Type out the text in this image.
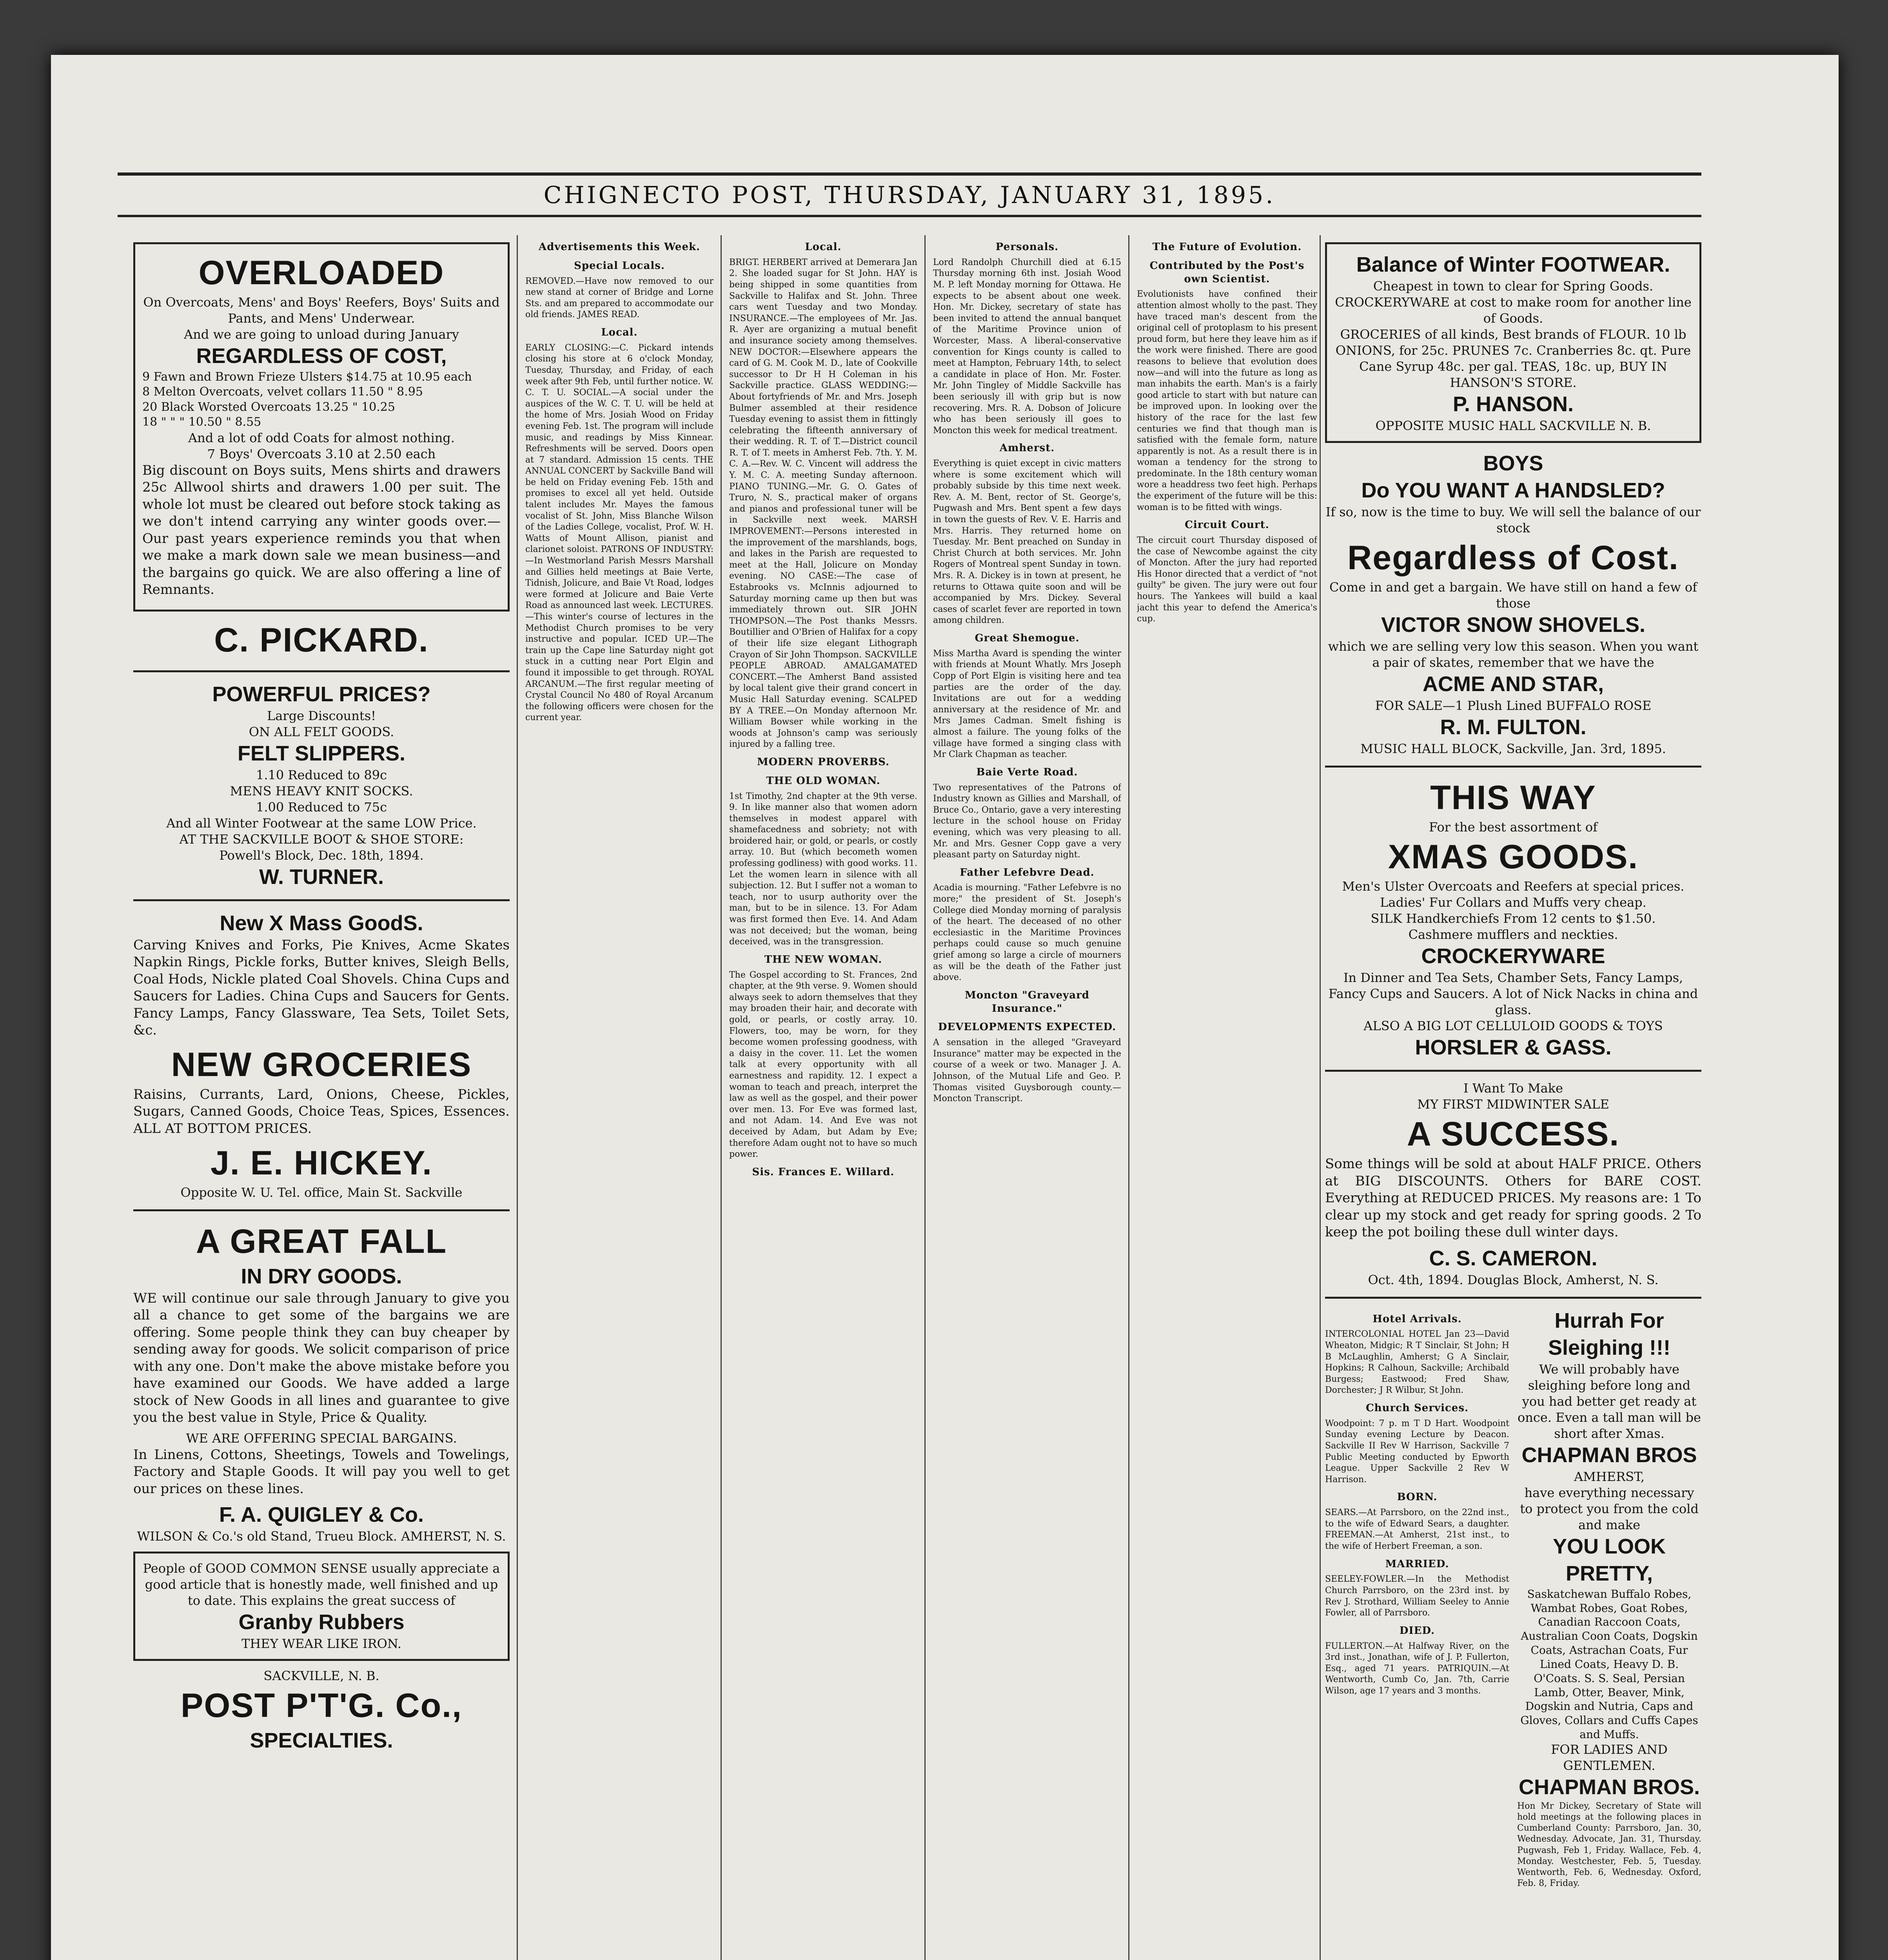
CHIGNECTO POST, THURSDAY, JANUARY 31, 1895.
OVERLOADED
On Overcoats, Mens' and Boys' Reefers, Boys' Suits and Pants, and Mens' Underwear.
And we are going to unload during January
REGARDLESS OF COST,
9 Fawn and Brown Frieze Ulsters $14.75 at 10.95 each
8 Melton Overcoats, velvet collars 11.50 " 8.95
20 Black Worsted Overcoats 13.25 " 10.25
18 " " " 10.50 " 8.55
And a lot of odd Coats for almost nothing.
7 Boys' Overcoats 3.10 at 2.50 each

Big discount on Boys suits, Mens shirts and drawers 25c Allwool shirts and drawers 1.00 per suit. The whole lot must be cleared out before stock taking as we don't intend carrying any winter goods over.—Our past years experience reminds you that when we make a mark down sale we mean business—and the bargains go quick. We are also offering a line of Remnants.

C. PICKARD.
POWERFUL PRICES?
Large Discounts!
ON ALL FELT GOODS.
FELT SLIPPERS.
1.10 Reduced to 89c
MENS HEAVY KNIT SOCKS.
1.00 Reduced to 75c
And all Winter Footwear at the same LOW Price.
AT THE SACKVILLE BOOT & SHOE STORE:
Powell's Block, Dec. 18th, 1894.
W. TURNER.
New X Mass GoodS.

Carving Knives and Forks, Pie Knives, Acme Skates Napkin Rings, Pickle forks, Butter knives, Sleigh Bells, Coal Hods, Nickle plated Coal Shovels. China Cups and Saucers for Ladies. China Cups and Saucers for Gents. Fancy Lamps, Fancy Glassware, Tea Sets, Toilet Sets, &c.

NEW GROCERIES

Raisins, Currants, Lard, Onions, Cheese, Pickles, Sugars, Canned Goods, Choice Teas, Spices, Essences. ALL AT BOTTOM PRICES.

J. E. HICKEY.
Opposite W. U. Tel. office, Main St. Sackville
A GREAT FALL
IN DRY GOODS.

WE will continue our sale through January to give you all a chance to get some of the bargains we are offering. Some people think they can buy cheaper by sending away for goods. We solicit comparison of price with any one. Don't make the above mistake before you have examined our Goods. We have added a large stock of New Goods in all lines and guarantee to give you the best value in Style, Price & Quality.

WE ARE OFFERING SPECIAL BARGAINS.

In Linens, Cottons, Sheetings, Towels and Towelings, Factory and Staple Goods. It will pay you well to get our prices on these lines.

F. A. QUIGLEY & Co.
WILSON & Co.'s old Stand, Trueu Block. AMHERST, N. S.
People of GOOD COMMON SENSE usually appreciate a good article that is honestly made, well finished and up to date. This explains the great success of
Granby Rubbers
THEY WEAR LIKE IRON.
SACKVILLE, N. B.
POST P'T'G. Co.,
SPECIALTIES.
Advertisements this Week.
Special Locals.

REMOVED.—Have now removed to our new stand at corner of Bridge and Lorne Sts. and am prepared to accommodate our old friends. JAMES READ.

Local.

EARLY CLOSING:—C. Pickard intends closing his store at 6 o'clock Monday, Tuesday, Thursday, and Friday, of each week after 9th Feb, until further notice. W. C. T. U. SOCIAL.—A social under the auspices of the W. C. T. U. will be held at the home of Mrs. Josiah Wood on Friday evening Feb. 1st. The program will include music, and readings by Miss Kinnear. Refreshments will be served. Doors open at 7 standard. Admission 15 cents. THE ANNUAL CONCERT by Sackville Band will be held on Friday evening Feb. 15th and promises to excel all yet held. Outside talent includes Mr. Mayes the famous vocalist of St. John, Miss Blanche Wilson of the Ladies College, vocalist, Prof. W. H. Watts of Mount Allison, pianist and clarionet soloist. PATRONS OF INDUSTRY:—In Westmorland Parish Messrs Marshall and Gillies held meetings at Baie Verte, Tidnish, Jolicure, and Baie Vt Road, lodges were formed at Jolicure and Baie Verte Road as announced last week. LECTURES.—This winter's course of lectures in the Methodist Church promises to be very instructive and popular. ICED UP.—The train up the Cape line Saturday night got stuck in a cutting near Port Elgin and found it impossible to get through. ROYAL ARCANUM.—The first regular meeting of Crystal Council No 480 of Royal Arcanum the following officers were chosen for the current year.

Local.

BRIGT. HERBERT arrived at Demerara Jan 2. She loaded sugar for St John. HAY is being shipped in some quantities from Sackville to Halifax and St. John. Three cars went Tuesday and two Monday. INSURANCE.—The employees of Mr. Jas. R. Ayer are organizing a mutual benefit and insurance society among themselves. NEW DOCTOR:—Elsewhere appears the card of G. M. Cook M. D., late of Cookville successor to Dr H H Coleman in his Sackville practice. GLASS WEDDING:—About fortyfriends of Mr. and Mrs. Joseph Bulmer assembled at their residence Tuesday evening to assist them in fittingly celebrating the fifteenth anniversary of their wedding. R. T. of T.—District council R. T. of T. meets in Amherst Feb. 7th. Y. M. C. A.—Rev. W. C. Vincent will address the Y. M. C. A. meeting Sunday afternoon. PIANO TUNING.—Mr. G. O. Gates of Truro, N. S., practical maker of organs and pianos and professional tuner will be in Sackville next week. MARSH IMPROVEMENT:—Persons interested in the improvement of the marshlands, bogs, and lakes in the Parish are requested to meet at the Hall, Jolicure on Monday evening. NO CASE:—The case of Estabrooks vs. McInnis adjourned to Saturday morning came up then but was immediately thrown out. SIR JOHN THOMPSON.—The Post thanks Messrs. Boutillier and O'Brien of Halifax for a copy of their life size elegant Lithograph Crayon of Sir John Thompson. SACKVILLE PEOPLE ABROAD. AMALGAMATED CONCERT.—The Amherst Band assisted by local talent give their grand concert in Music Hall Saturday evening. SCALPED BY A TREE.—On Monday afternoon Mr. William Bowser while working in the woods at Johnson's camp was seriously injured by a falling tree.

MODERN PROVERBS.
THE OLD WOMAN.

1st Timothy, 2nd chapter at the 9th verse. 9. In like manner also that women adorn themselves in modest apparel with shamefacedness and sobriety; not with broidered hair, or gold, or pearls, or costly array. 10. But (which becometh women professing godliness) with good works. 11. Let the women learn in silence with all subjection. 12. But I suffer not a woman to teach, nor to usurp authority over the man, but to be in silence. 13. For Adam was first formed then Eve. 14. And Adam was not deceived; but the woman, being deceived, was in the transgression.

THE NEW WOMAN.

The Gospel according to St. Frances, 2nd chapter, at the 9th verse. 9. Women should always seek to adorn themselves that they may broaden their hair, and decorate with gold, or pearls, or costly array. 10. Flowers, too, may be worn, for they become women professing goodness, with a daisy in the cover. 11. Let the women talk at every opportunity with all earnestness and rapidity. 12. I expect a woman to teach and preach, interpret the law as well as the gospel, and their power over men. 13. For Eve was formed last, and not Adam. 14. And Eve was not deceived by Adam, but Adam by Eve; therefore Adam ought not to have so much power.

Sis. Frances E. Willard.
Personals.

Lord Randolph Churchill died at 6.15 Thursday morning 6th inst. Josiah Wood M. P. left Monday morning for Ottawa. He expects to be absent about one week. Hon. Mr. Dickey, secretary of state has been invited to attend the annual banquet of the Maritime Province union of Worcester, Mass. A liberal-conservative convention for Kings county is called to meet at Hampton, February 14th, to select a candidate in place of Hon. Mr. Foster. Mr. John Tingley of Middle Sackville has been seriously ill with grip but is now recovering. Mrs. R. A. Dobson of Jolicure who has been seriously ill goes to Moncton this week for medical treatment.

Amherst.

Everything is quiet except in civic matters where is some excitement which will probably subside by this time next week. Rev. A. M. Bent, rector of St. George's, Pugwash and Mrs. Bent spent a few days in town the guests of Rev. V. E. Harris and Mrs. Harris. They returned home on Tuesday. Mr. Bent preached on Sunday in Christ Church at both services. Mr. John Rogers of Montreal spent Sunday in town. Mrs. R. A. Dickey is in town at present, he returns to Ottawa quite soon and will be accompanied by Mrs. Dickey. Several cases of scarlet fever are reported in town among children.

Great Shemogue.

Miss Martha Avard is spending the winter with friends at Mount Whatly. Mrs Joseph Copp of Port Elgin is visiting here and tea parties are the order of the day. Invitations are out for a wedding anniversary at the residence of Mr. and Mrs James Cadman. Smelt fishing is almost a failure. The young folks of the village have formed a singing class with Mr Clark Chapman as teacher.

Baie Verte Road.

Two representatives of the Patrons of Industry known as Gillies and Marshall, of Bruce Co., Ontario, gave a very interesting lecture in the school house on Friday evening, which was very pleasing to all. Mr. and Mrs. Gesner Copp gave a very pleasant party on Saturday night.

Father Lefebvre Dead.

Acadia is mourning. "Father Lefebvre is no more;" the president of St. Joseph's College died Monday morning of paralysis of the heart. The deceased of no other ecclesiastic in the Maritime Provinces perhaps could cause so much genuine grief among so large a circle of mourners as will be the death of the Father just above.

Moncton "Graveyard Insurance."
DEVELOPMENTS EXPECTED.

A sensation in the alleged "Graveyard Insurance" matter may be expected in the course of a week or two. Manager J. A. Johnson, of the Mutual Life and Geo. P. Thomas visited Guysborough county.—Moncton Transcript.

The Future of Evolution.
Contributed by the Post's own Scientist.

Evolutionists have confined their attention almost wholly to the past. They have traced man's descent from the original cell of protoplasm to his present proud form, but here they leave him as if the work were finished. There are good reasons to believe that evolution does now—and will into the future as long as man inhabits the earth. Man's is a fairly good article to start with but nature can be improved upon. In looking over the history of the race for the last few centuries we find that though man is satisfied with the female form, nature apparently is not. As a result there is in woman a tendency for the strong to predominate. In the 18th century woman wore a headdress two feet high. Perhaps the experiment of the future will be this: woman is to be fitted with wings.

Circuit Court.

The circuit court Thursday disposed of the case of Newcombe against the city of Moncton. After the jury had reported His Honor directed that a verdict of "not guilty" be given. The jury were out four hours. The Yankees will build a kaal jacht this year to defend the America's cup.

Balance of Winter FOOTWEAR.
Cheapest in town to clear for Spring Goods.
CROCKERYWARE at cost to make room for another line of Goods.
GROCERIES of all kinds, Best brands of FLOUR. 10 lb ONIONS, for 25c. PRUNES 7c. Cranberries 8c. qt. Pure Cane Syrup 48c. per gal. TEAS, 18c. up, BUY IN HANSON'S STORE.
P. HANSON.
OPPOSITE MUSIC HALL SACKVILLE N. B.
BOYS
Do YOU WANT A HANDSLED?
If so, now is the time to buy. We will sell the balance of our stock
Regardless of Cost.
Come in and get a bargain. We have still on hand a few of those
VICTOR SNOW SHOVELS.
which we are selling very low this season. When you want a pair of skates, remember that we have the
ACME AND STAR,
FOR SALE—1 Plush Lined BUFFALO ROSE
R. M. FULTON.
MUSIC HALL BLOCK, Sackville, Jan. 3rd, 1895.
THIS WAY
For the best assortment of
XMAS GOODS.
Men's Ulster Overcoats and Reefers at special prices. Ladies' Fur Collars and Muffs very cheap.
SILK Handkerchiefs From 12 cents to $1.50.
Cashmere mufflers and neckties.
CROCKERYWARE
In Dinner and Tea Sets, Chamber Sets, Fancy Lamps, Fancy Cups and Saucers. A lot of Nick Nacks in china and glass.
ALSO A BIG LOT CELLULOID GOODS & TOYS
HORSLER & GASS.
I Want To Make
MY FIRST MIDWINTER SALE
A SUCCESS.

Some things will be sold at about HALF PRICE. Others at BIG DISCOUNTS. Others for BARE COST. Everything at REDUCED PRICES. My reasons are: 1 To clear up my stock and get ready for spring goods. 2 To keep the pot boiling these dull winter days.

C. S. CAMERON.
Oct. 4th, 1894. Douglas Block, Amherst, N. S.
Hotel Arrivals.

INTERCOLONIAL HOTEL Jan 23—David Wheaton, Midgic; R T Sinclair, St John; H B McLaughlin, Amherst; G A Sinclair, Hopkins; R Calhoun, Sackville; Archibald Burgess; Eastwood; Fred Shaw, Dorchester; J R Wilbur, St John.

Church Services.

Woodpoint: 7 p. m T D Hart. Woodpoint Sunday evening Lecture by Deacon. Sackville II Rev W Harrison, Sackville 7 Public Meeting conducted by Epworth League. Upper Sackville 2 Rev W Harrison.

BORN.

SEARS.—At Parrsboro, on the 22nd inst., to the wife of Edward Sears, a daughter. FREEMAN.—At Amherst, 21st inst., to the wife of Herbert Freeman, a son.

MARRIED.

SEELEY-FOWLER.—In the Methodist Church Parrsboro, on the 23rd inst. by Rev J. Strothard, William Seeley to Annie Fowler, all of Parrsboro.

DIED.

FULLERTON.—At Halfway River, on the 3rd inst., Jonathan, wife of J. P. Fullerton, Esq., aged 71 years. PATRIQUIN.—At Wentworth, Cumb Co, Jan. 7th, Carrie Wilson, age 17 years and 3 months.

Hurrah For Sleighing !!!
We will probably have sleighing before long and you had better get ready at once. Even a tall man will be short after Xmas.
CHAPMAN BROS
AMHERST,
have everything necessary to protect you from the cold and make
YOU LOOK PRETTY,
Saskatchewan Buffalo Robes, Wambat Robes, Goat Robes, Canadian Raccoon Coats, Australian Coon Coats, Dogskin Coats, Astrachan Coats, Fur Lined Coats, Heavy D. B. O'Coats. S. S. Seal, Persian Lamb, Otter, Beaver, Mink, Dogskin and Nutria, Caps and Gloves, Collars and Cuffs Capes and Muffs.
FOR LADIES AND GENTLEMEN.
CHAPMAN BROS.

Hon Mr Dickey, Secretary of State will hold meetings at the following places in Cumberland County: Parrsboro, Jan. 30, Wednesday. Advocate, Jan. 31, Thursday. Pugwash, Feb 1, Friday. Wallace, Feb. 4, Monday. Westchester, Feb. 5, Tuesday. Wentworth, Feb. 6, Wednesday. Oxford, Feb. 8, Friday.
